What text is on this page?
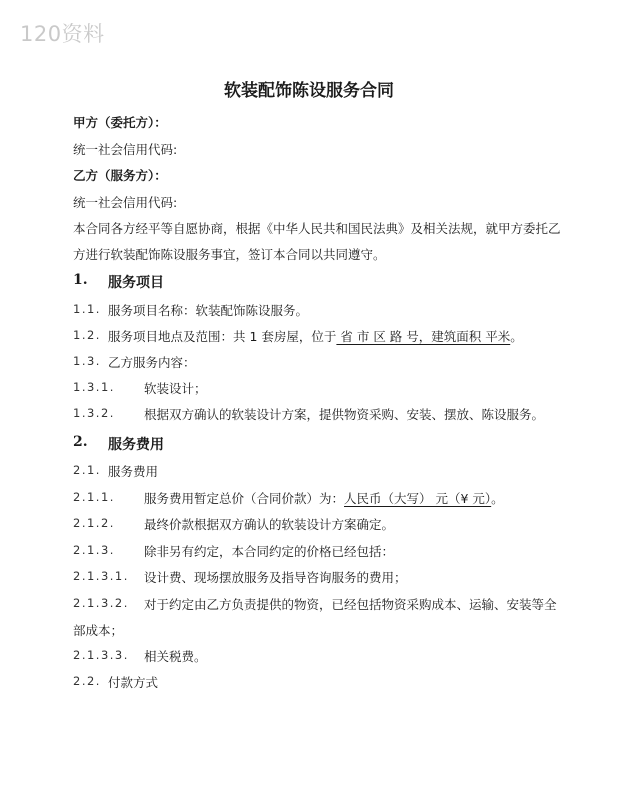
120资料
软装配饰陈设服务合同
甲方（委托方）：
统一社会信用代码:
乙方（服务方）：
统一社会信用代码:
本合同各方经平等自愿协商，根据《中华人民共和国民法典》及相关法规，就甲方委托乙
方进行软装配饰陈设服务事宜，签订本合同以共同遵守。
1. 服务项目
1.1. 服务项目名称：软装配饰陈设服务。
1.2. 服务项目地点及范围：共 1 套房屋，位于 省 市 区 路 号，建筑面积 平米。
1.3. 乙方服务内容：
1.3.1. 软装设计；
1.3.2. 根据双方确认的软装设计方案，提供物资采购、安装、摆放、陈设服务。
2. 服务费用
2.1. 服务费用
2.1.1. 服务费用暂定总价（合同价款）为：人民币（大写） 元（¥ 元）。
2.1.2. 最终价款根据双方确认的软装设计方案确定。
2.1.3. 除非另有约定，本合同约定的价格已经包括：
2.1.3.1. 设计费、现场摆放服务及指导咨询服务的费用；
2.1.3.2. 对于约定由乙方负责提供的物资，已经包括物资采购成本、运输、安装等全
部成本；
2.1.3.3. 相关税费。
2.2. 付款方式
